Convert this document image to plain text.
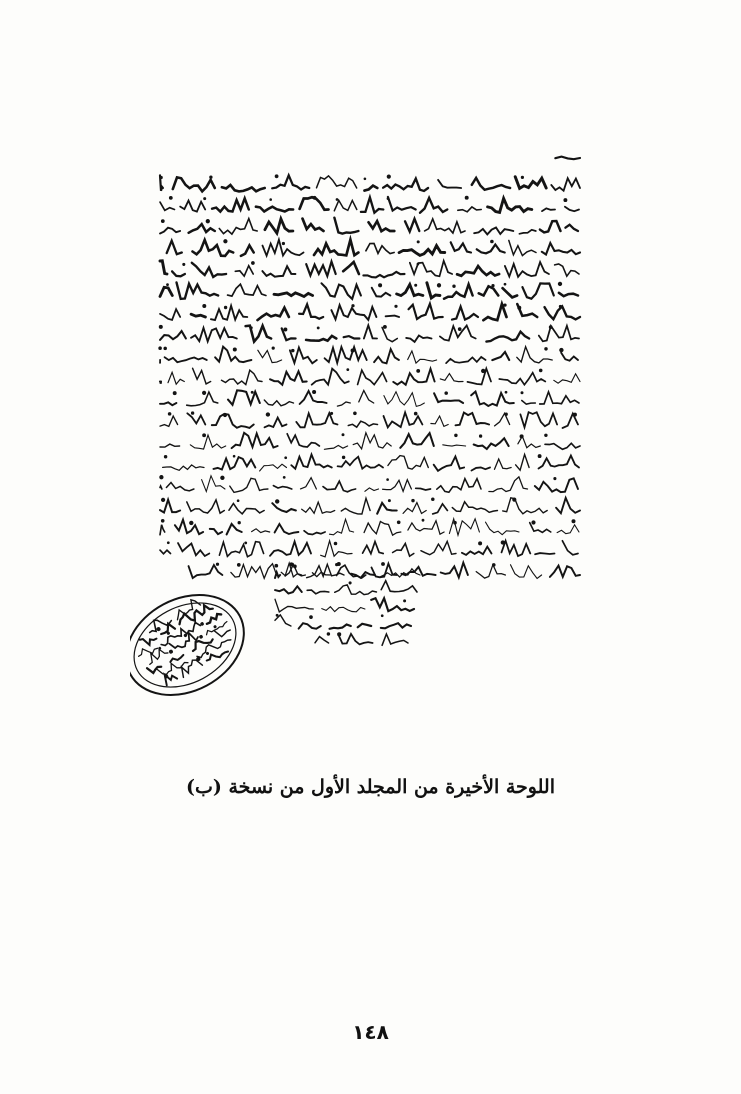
اللوحة الأخيرة من المجلد الأول من نسخة (ب)
١٤٨
